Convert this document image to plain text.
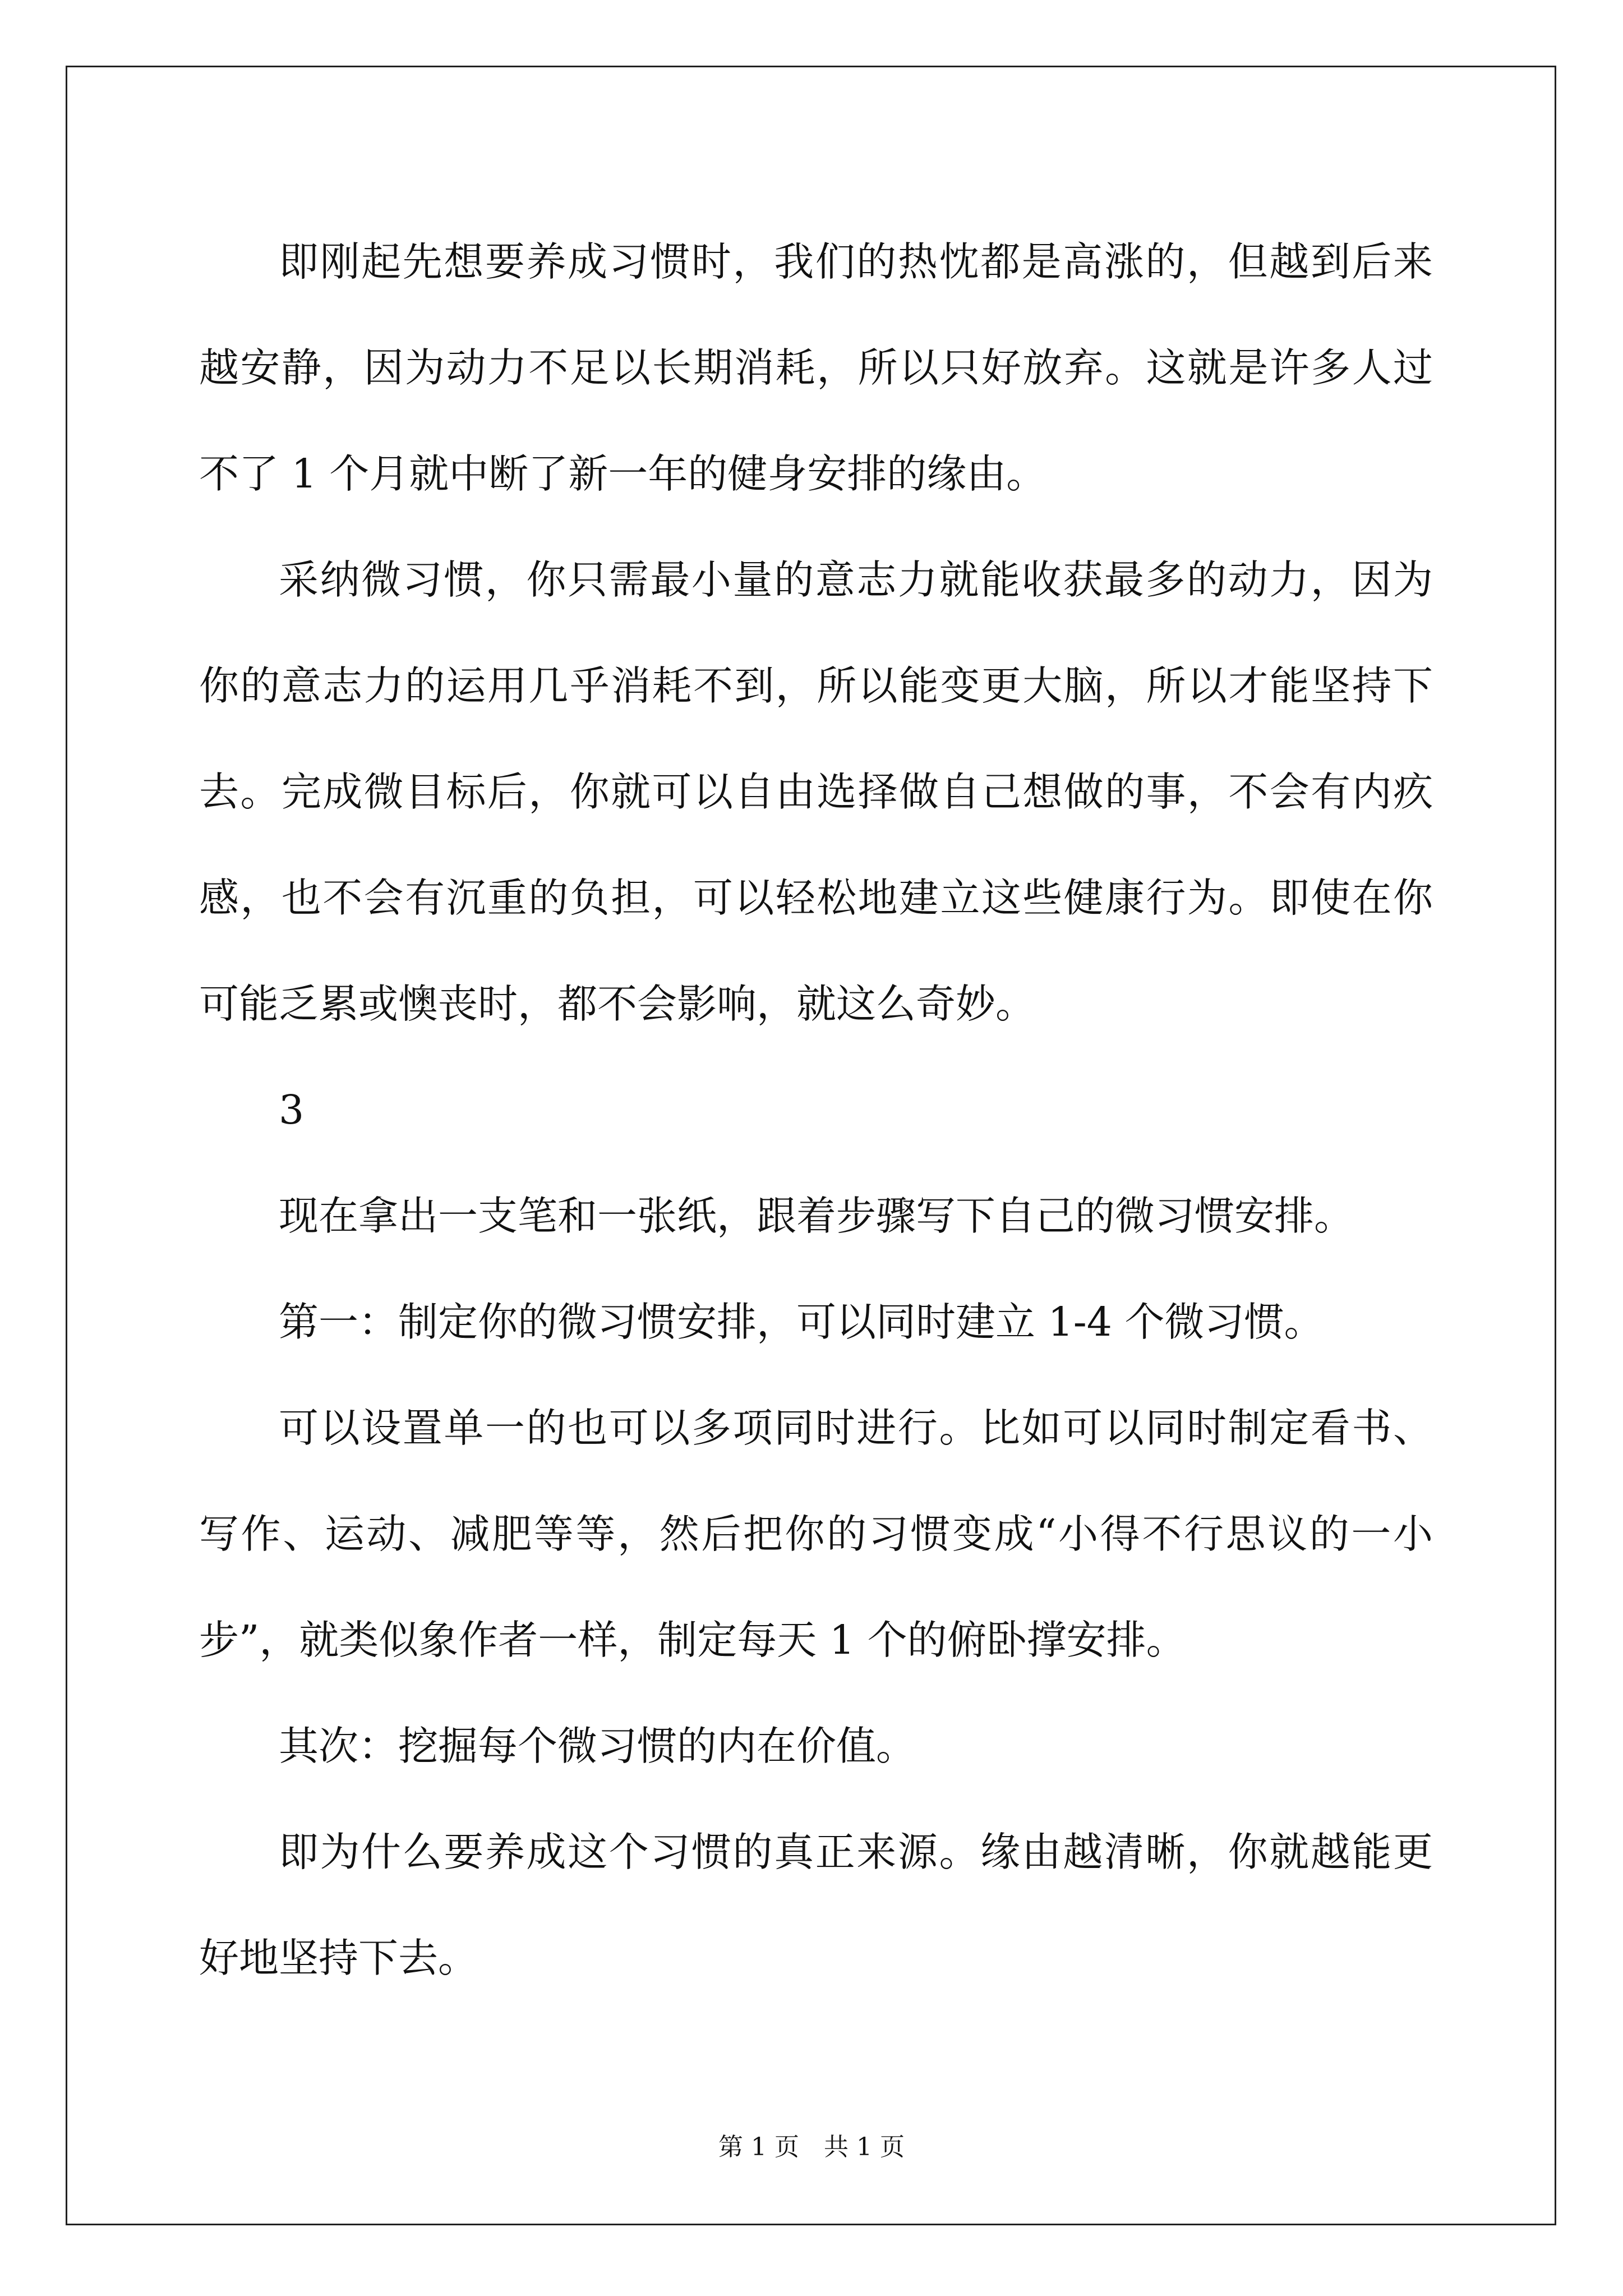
即刚起先想要养成习惯时，我们的热忱都是高涨的，但越到后来越安静，因为动力不足以长期消耗，所以只好放弃。这就是许多人过不了 1 个月就中断了新一年的健身安排的缘由。

采纳微习惯，你只需最小量的意志力就能收获最多的动力，因为你的意志力的运用几乎消耗不到，所以能变更大脑，所以才能坚持下去。完成微目标后，你就可以自由选择做自己想做的事，不会有内疚感，也不会有沉重的负担，可以轻松地建立这些健康行为。即使在你可能乏累或懊丧时，都不会影响，就这么奇妙。

3

现在拿出一支笔和一张纸，跟着步骤写下自己的微习惯安排。

第一：制定你的微习惯安排，可以同时建立 1-4 个微习惯。

可以设置单一的也可以多项同时进行。比如可以同时制定看书、写作、运动、减肥等等，然后把你的习惯变成“小得不行思议的一小步”，就类似象作者一样，制定每天 1 个的俯卧撑安排。

其次：挖掘每个微习惯的内在价值。

即为什么要养成这个习惯的真正来源。缘由越清晰，你就越能更好地坚持下去。

第 1 页　共 1 页
